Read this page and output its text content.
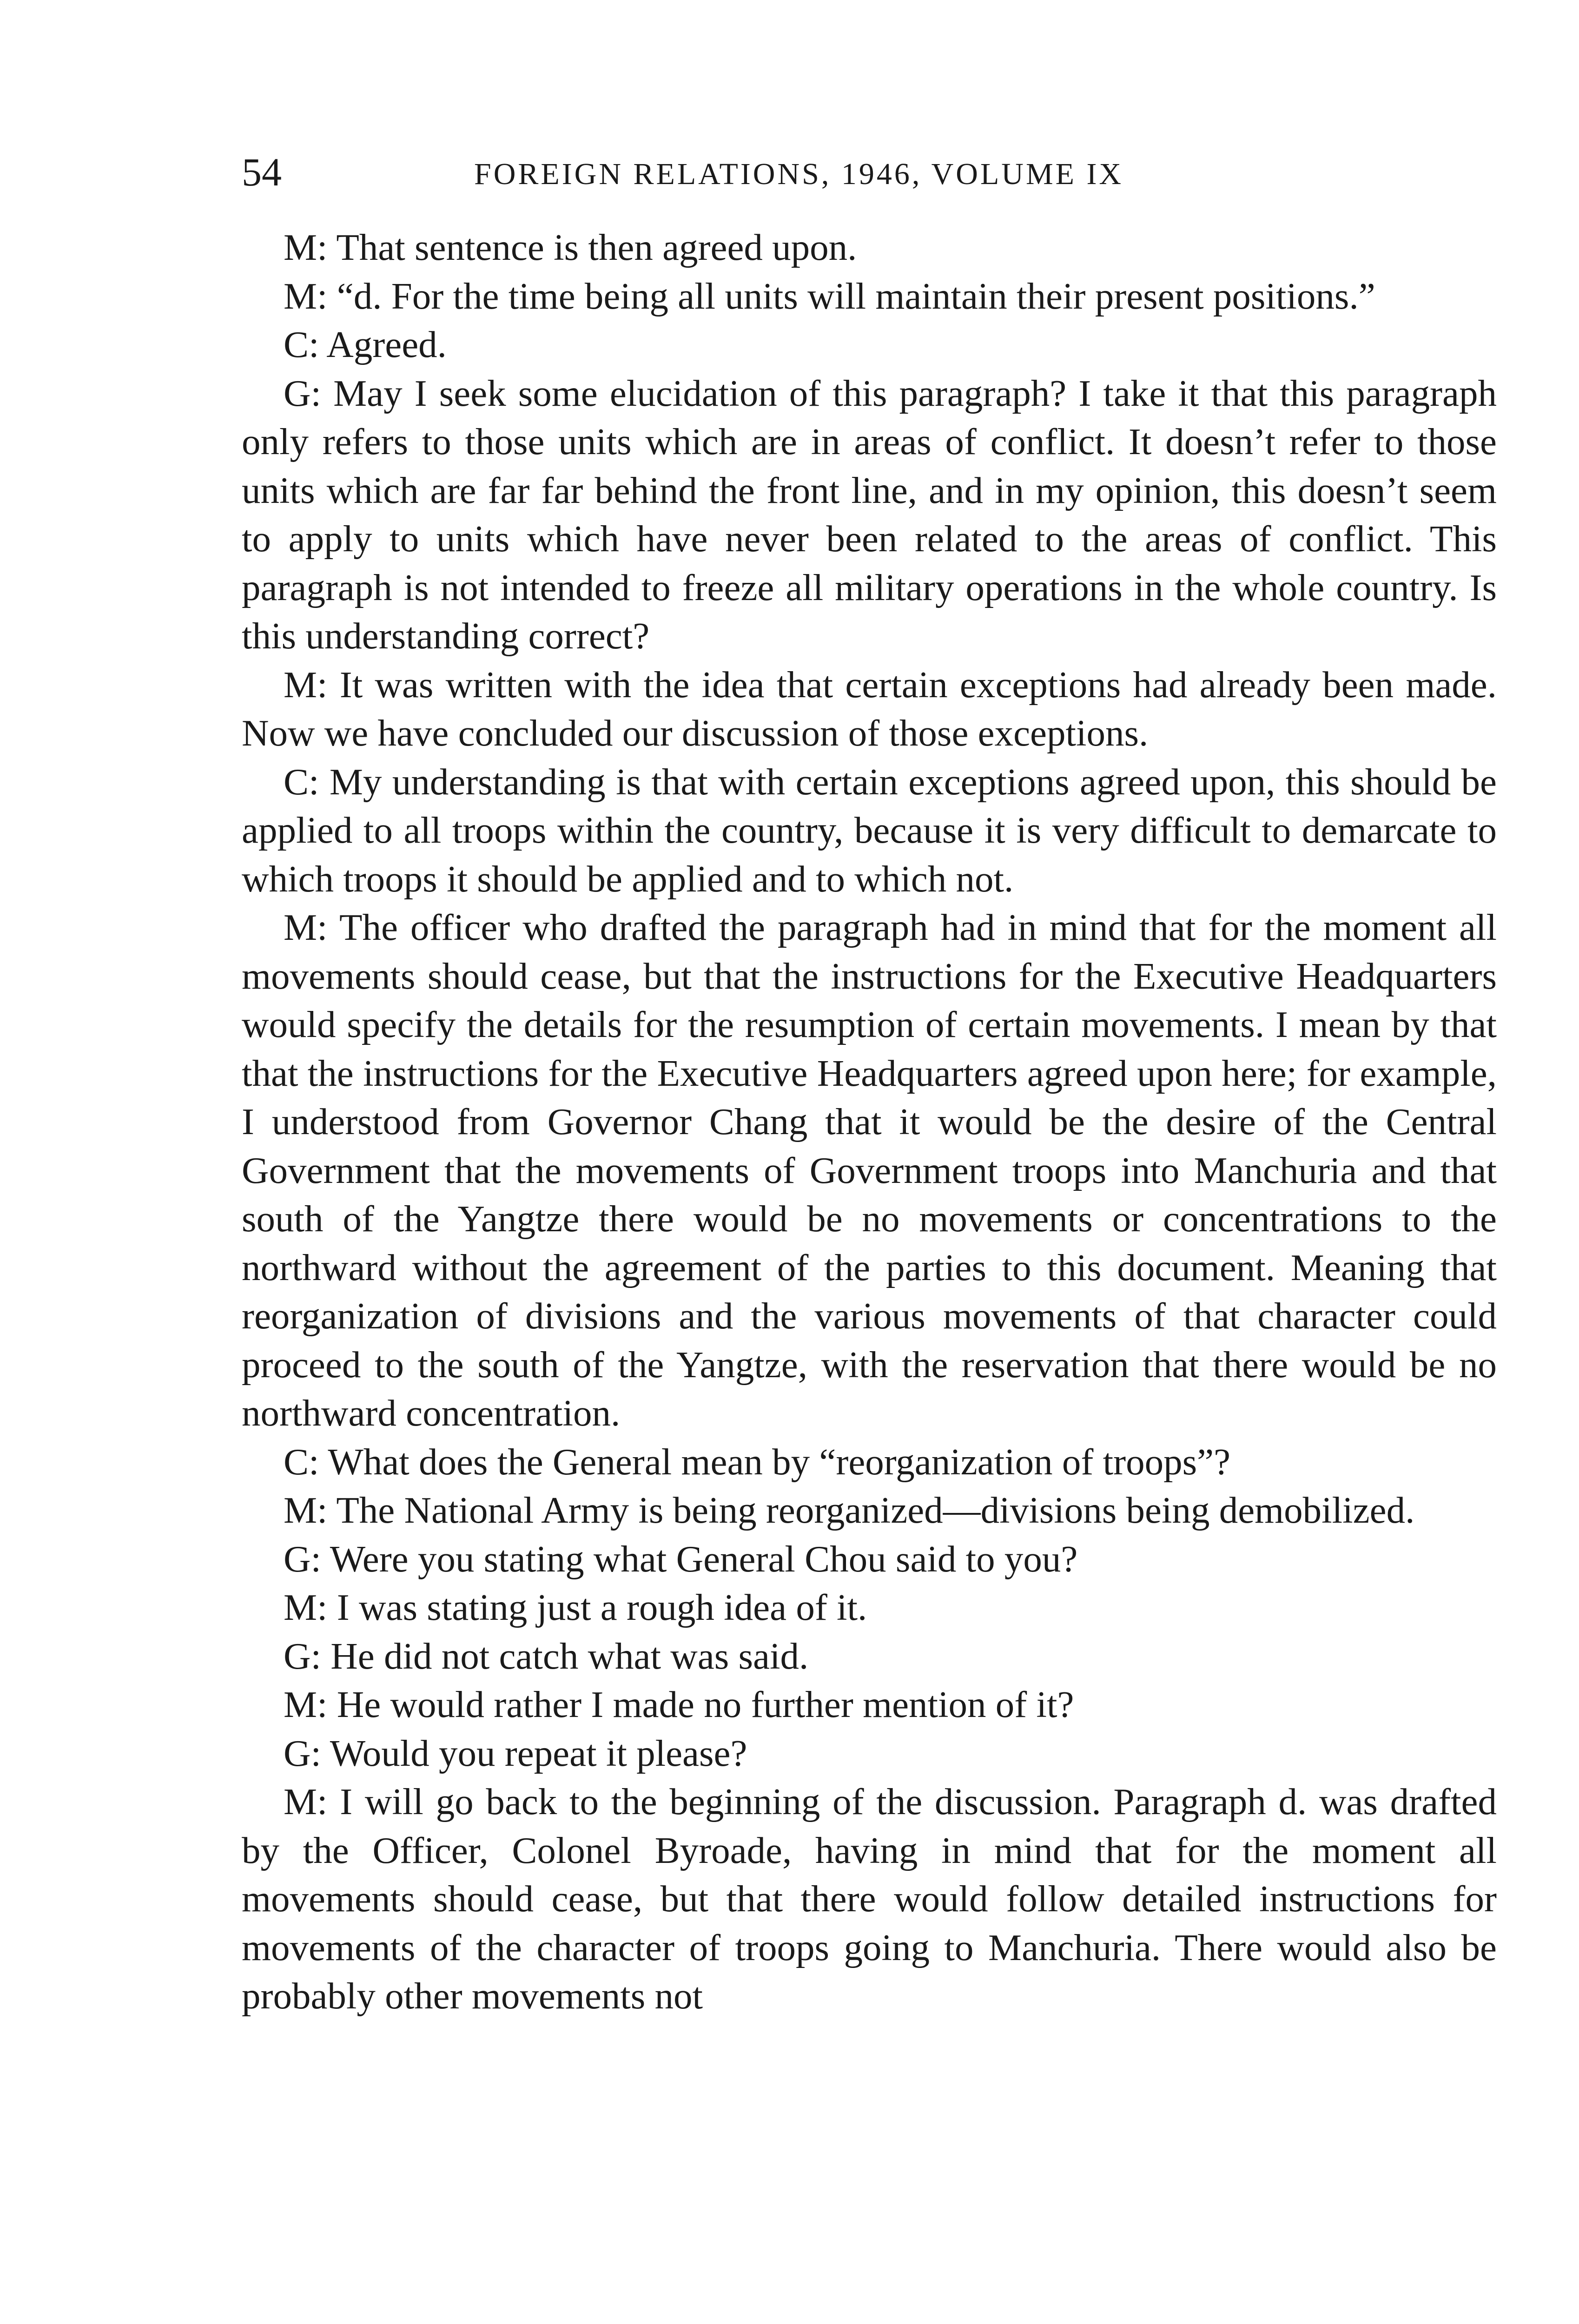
54	FOREIGN RELATIONS, 1946, VOLUME IX

M: That sentence is then agreed upon.

M: “d. For the time being all units will maintain their present positions.”

C: Agreed.

G: May I seek some elucidation of this paragraph? I take it that this paragraph only refers to those units which are in areas of conflict. It doesn’t refer to those units which are far far behind the front line, and in my opinion, this doesn’t seem to apply to units which have never been related to the areas of conflict. This paragraph is not intended to freeze all military operations in the whole country. Is this understanding correct?

M: It was written with the idea that certain exceptions had already been made. Now we have concluded our discussion of those exceptions.

C: My understanding is that with certain exceptions agreed upon, this should be applied to all troops within the country, because it is very difficult to demarcate to which troops it should be applied and to which not.

M: The officer who drafted the paragraph had in mind that for the moment all movements should cease, but that the instructions for the Executive Headquarters would specify the details for the resumption of certain movements. I mean by that that the instructions for the Executive Headquarters agreed upon here; for example, I understood from Governor Chang that it would be the desire of the Central Government that the movements of Government troops into Manchuria and that south of the Yangtze there would be no movements or concentrations to the northward without the agreement of the parties to this document. Meaning that reorganization of divisions and the various movements of that character could proceed to the south of the Yangtze, with the reservation that there would be no northward concentration.

C: What does the General mean by “reorganization of troops”?

M: The National Army is being reorganized—divisions being demobilized.

G: Were you stating what General Chou said to you?

M: I was stating just a rough idea of it.

G: He did not catch what was said.

M: He would rather I made no further mention of it?

G: Would you repeat it please?

M: I will go back to the beginning of the discussion. Paragraph d. was drafted by the Officer, Colonel Byroade, having in mind that for the moment all movements should cease, but that there would follow detailed instructions for movements of the character of troops going to Manchuria. There would also be probably other movements not
